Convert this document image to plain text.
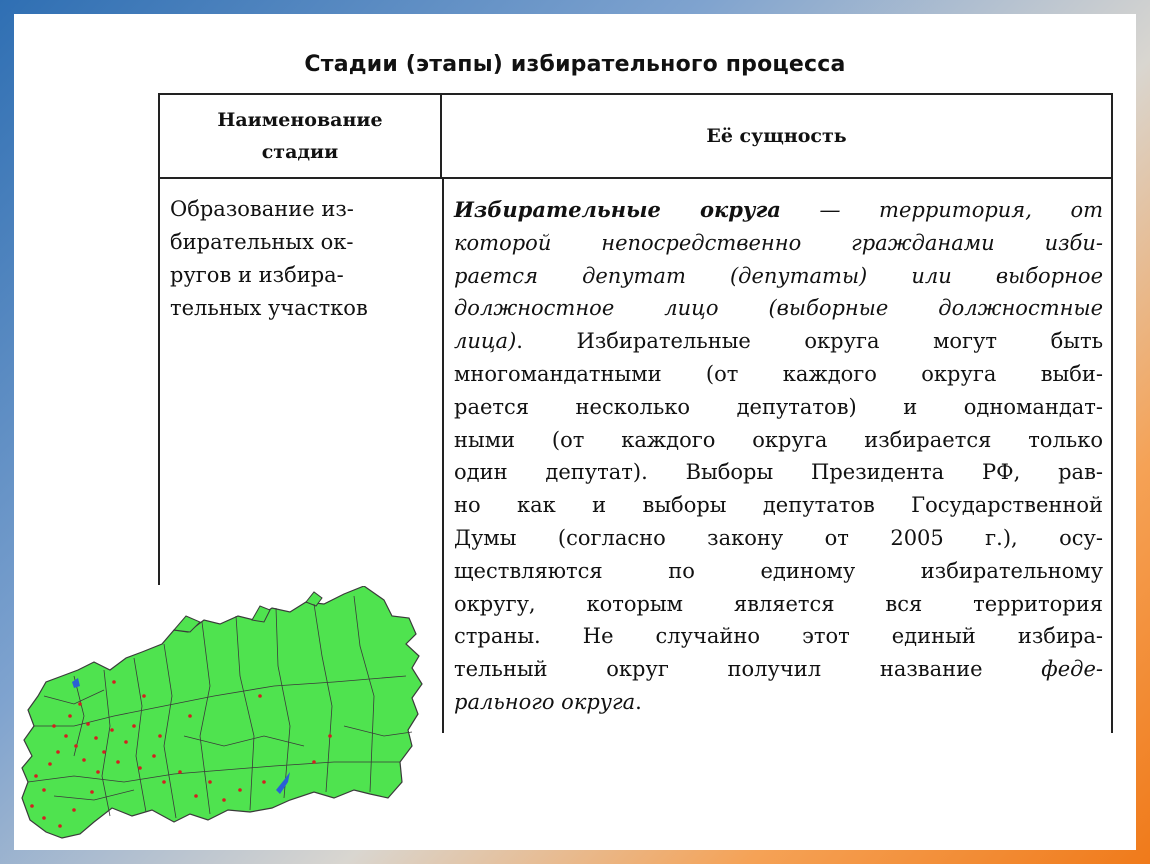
Стадии (этапы) избирательного процесса
Наименование
стадии
Её сущность
Образование из-
бирательных ок-
ругов и избира-
тельных участков
Избирательные округа — территория, от
которой непосредственно гражданами изби-
рается депутат (депутаты) или выборное
должностное лицо (выборные должностные
лица). Избирательные округа могут быть
многомандатными (от каждого округа выби-
рается несколько депутатов) и одномандат-
ными (от каждого округа избирается только
один депутат). Выборы Президента РФ, рав-
но как и выборы депутатов Государственной
Думы (согласно закону от 2005 г.), осу-
ществляются по единому избирательному
округу, которым является вся территория
страны. Не случайно этот единый избира-
тельный округ получил название феде-
рального округа.
